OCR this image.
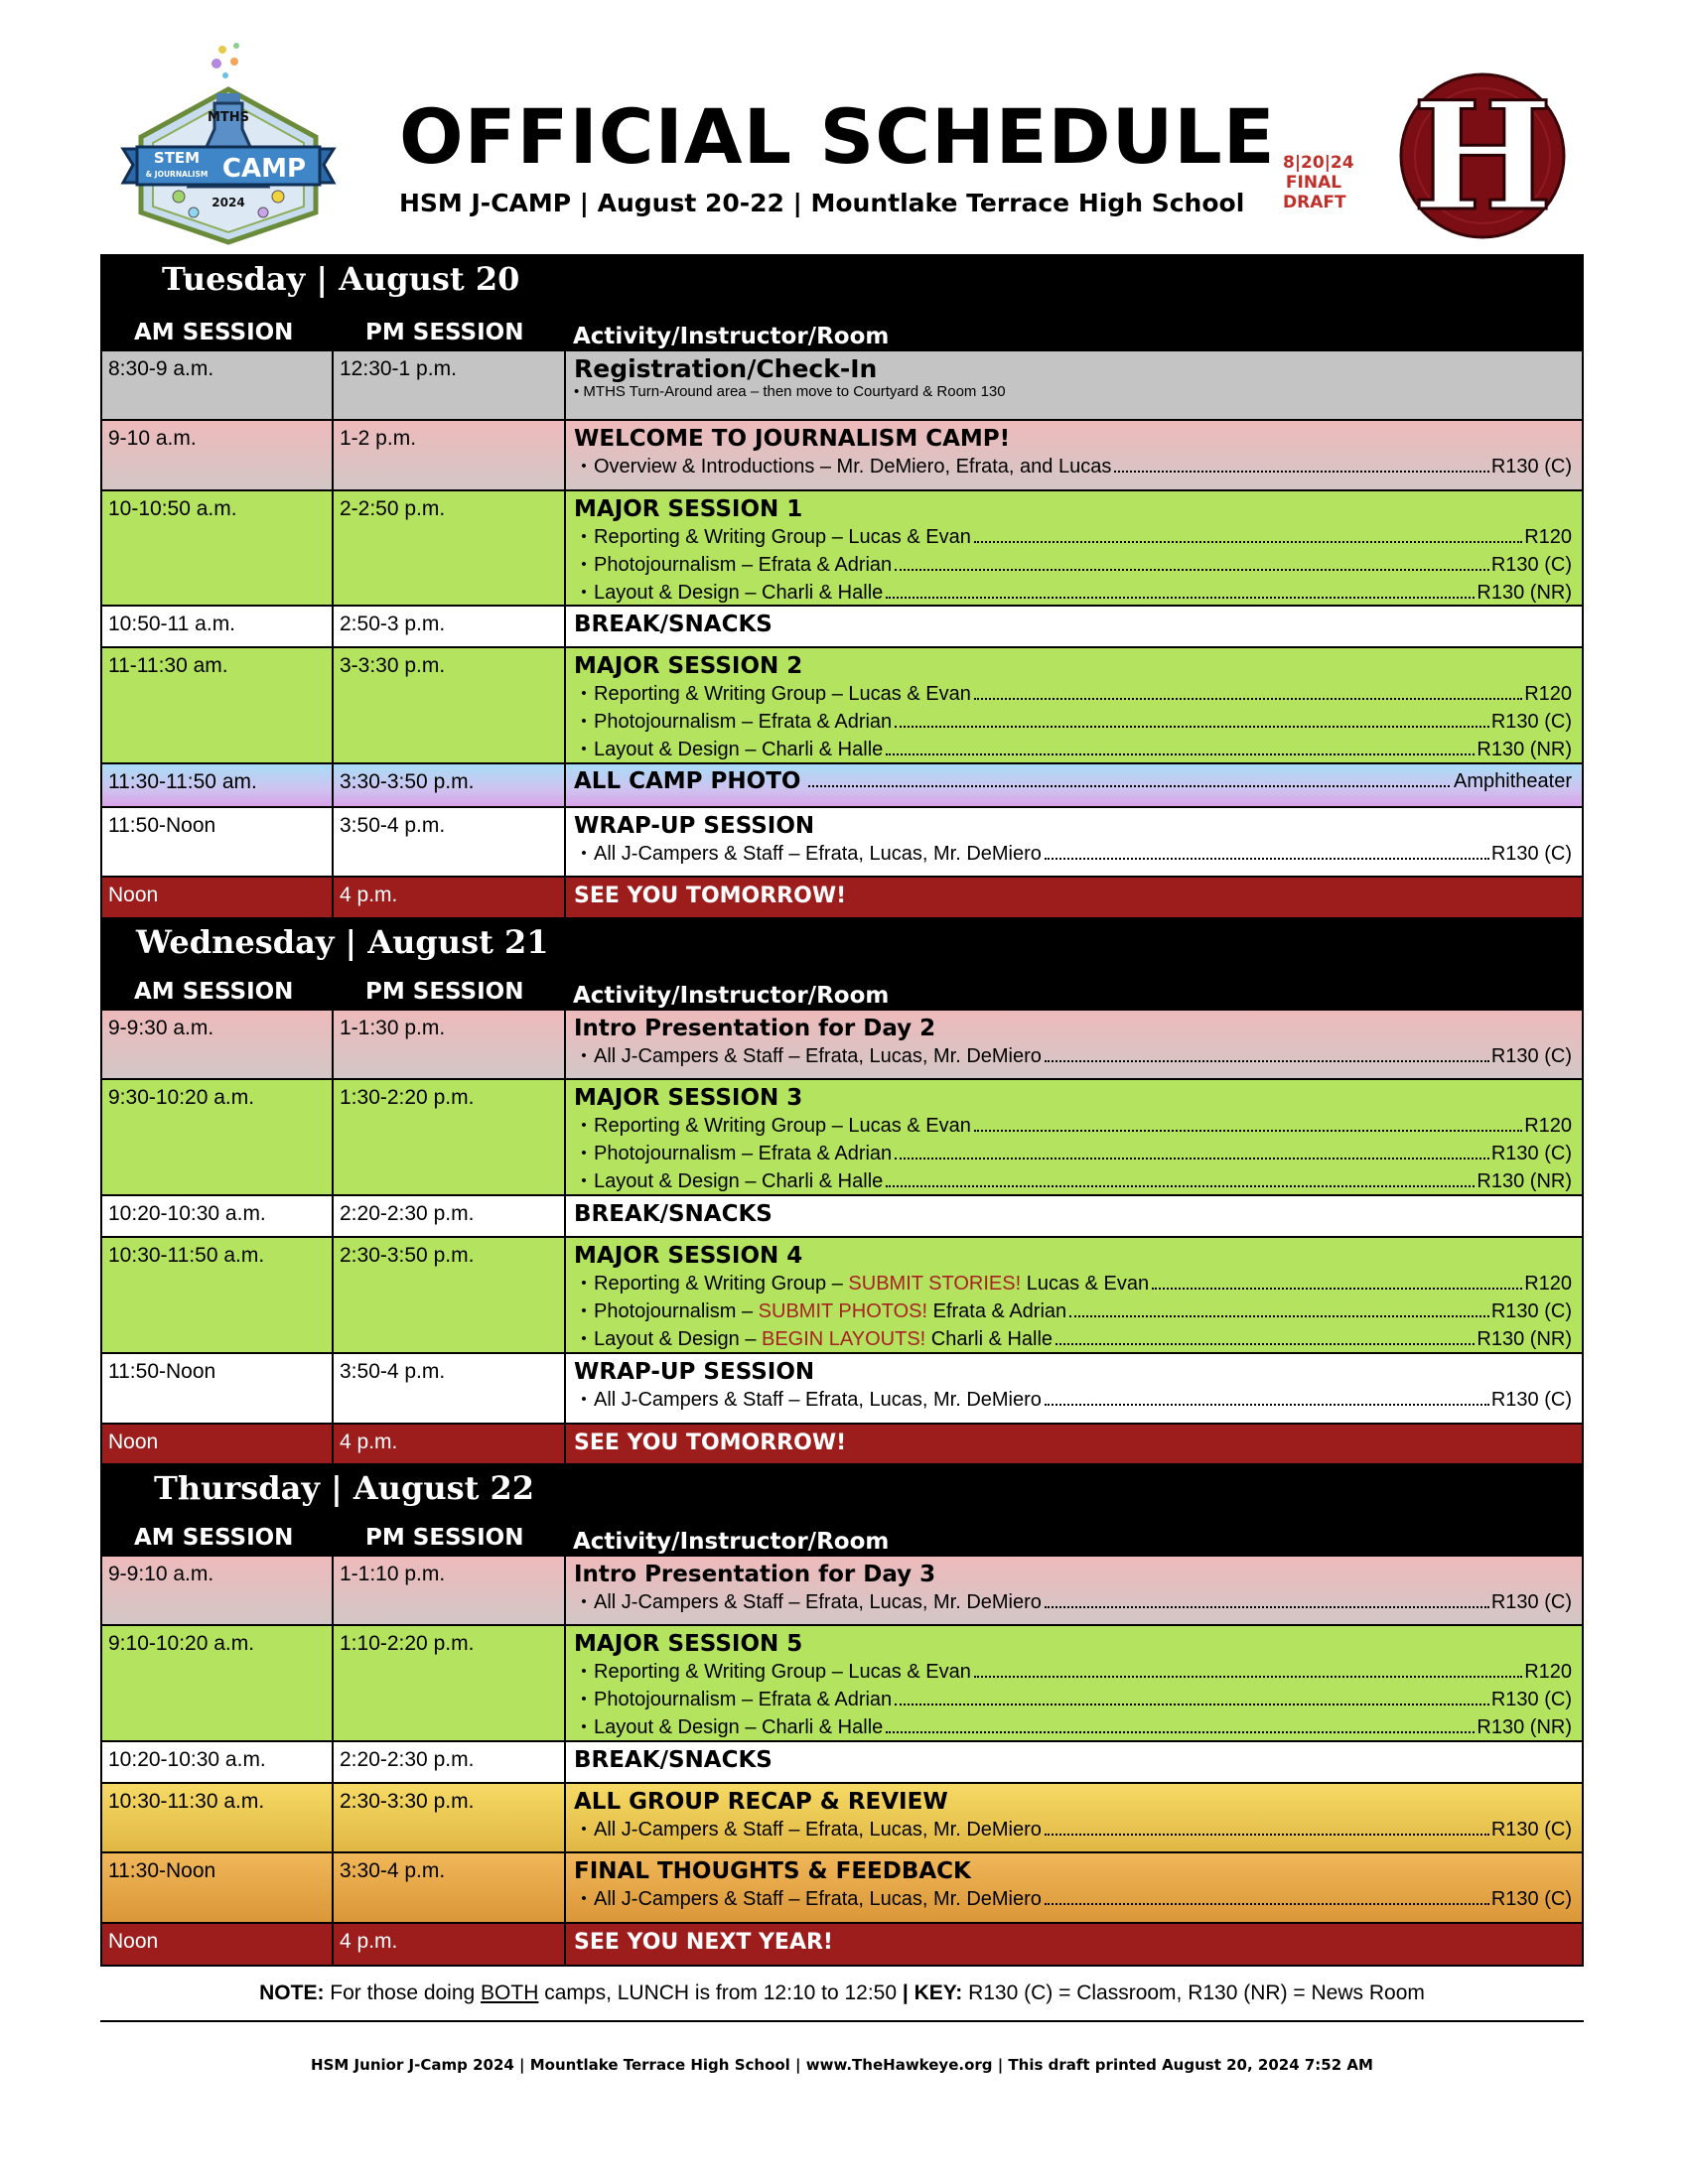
MTHS
STEM
& JOURNALISM CAMP
2024
OFFICIAL SCHEDULE
HSM J-CAMP | August 20-22 | Mountlake Terrace High School
8|20|24
FINAL
DRAFT H
Tuesday | August 20
AM SESSION	PM SESSION Activity/Instructor/Room
8:30-9 a.m.	12:30-1 p.m.	Registration/Check-In
• MTHS Turn-Around area – then move to Courtyard & Room 130
9-10 a.m.	1-2 p.m.	WELCOME TO JOURNALISM CAMP!
• Overview & Introductions – Mr. DeMiero, Efrata, and Lucas	R130 (C)
10-10:50 a.m.	2-2:50 p.m.	MAJOR SESSION 1
• Reporting & Writing Group – Lucas & Evan	R120
• Photojournalism – Efrata & Adrian	R130 (C)
• Layout & Design – Charli & Halle	R130 (NR)
10:50-11 a.m.	2:50-3 p.m.	BREAK/SNACKS
11-11:30 am.	3-3:30 p.m.	MAJOR SESSION 2
• Reporting & Writing Group – Lucas & Evan	R120
• Photojournalism – Efrata & Adrian	R130 (C)
• Layout & Design – Charli & Halle	R130 (NR)
11:30-11:50 am.	3:30-3:50 p.m.	ALL CAMP PHOTO	Amphitheater
11:50-Noon	3:50-4 p.m.	WRAP-UP SESSION
• All J-Campers & Staff – Efrata, Lucas, Mr. DeMiero	R130 (C)
Noon	4 p.m.	SEE YOU TOMORROW!
Wednesday | August 21
AM SESSION	PM SESSION Activity/Instructor/Room
9-9:30 a.m.	1-1:30 p.m.	Intro Presentation for Day 2
• All J-Campers & Staff – Efrata, Lucas, Mr. DeMiero	R130 (C)
9:30-10:20 a.m.	1:30-2:20 p.m.	MAJOR SESSION 3
• Reporting & Writing Group – Lucas & Evan	R120
• Photojournalism – Efrata & Adrian	R130 (C)
• Layout & Design – Charli & Halle	R130 (NR)
10:20-10:30 a.m.	2:20-2:30 p.m.	BREAK/SNACKS
10:30-11:50 a.m.	2:30-3:50 p.m.	MAJOR SESSION 4
• Reporting & Writing Group – SUBMIT STORIES! Lucas & Evan	R120
• Photojournalism – SUBMIT PHOTOS! Efrata & Adrian	R130 (C)
• Layout & Design – BEGIN LAYOUTS! Charli & Halle	R130 (NR)
11:50-Noon	3:50-4 p.m.	WRAP-UP SESSION
• All J-Campers & Staff – Efrata, Lucas, Mr. DeMiero	R130 (C)
Noon	4 p.m.	SEE YOU TOMORROW!
Thursday | August 22
AM SESSION	PM SESSION Activity/Instructor/Room
9-9:10 a.m.	1-1:10 p.m.	Intro Presentation for Day 3
• All J-Campers & Staff – Efrata, Lucas, Mr. DeMiero	R130 (C)
9:10-10:20 a.m.	1:10-2:20 p.m.	MAJOR SESSION 5
• Reporting & Writing Group – Lucas & Evan	R120
• Photojournalism – Efrata & Adrian	R130 (C)
• Layout & Design – Charli & Halle	R130 (NR)
10:20-10:30 a.m.	2:20-2:30 p.m.	BREAK/SNACKS
10:30-11:30 a.m.	2:30-3:30 p.m.	ALL GROUP RECAP & REVIEW
• All J-Campers & Staff – Efrata, Lucas, Mr. DeMiero	R130 (C)
11:30-Noon	3:30-4 p.m.	FINAL THOUGHTS & FEEDBACK
• All J-Campers & Staff – Efrata, Lucas, Mr. DeMiero	R130 (C)
Noon	4 p.m.	SEE YOU NEXT YEAR!
NOTE: For those doing BOTH camps, LUNCH is from 12:10 to 12:50 | KEY: R130 (C) = Classroom, R130 (NR) = News Room
HSM Junior J-Camp 2024 | Mountlake Terrace High School | www.TheHawkeye.org | This draft printed August 20, 2024 7:52 AM
